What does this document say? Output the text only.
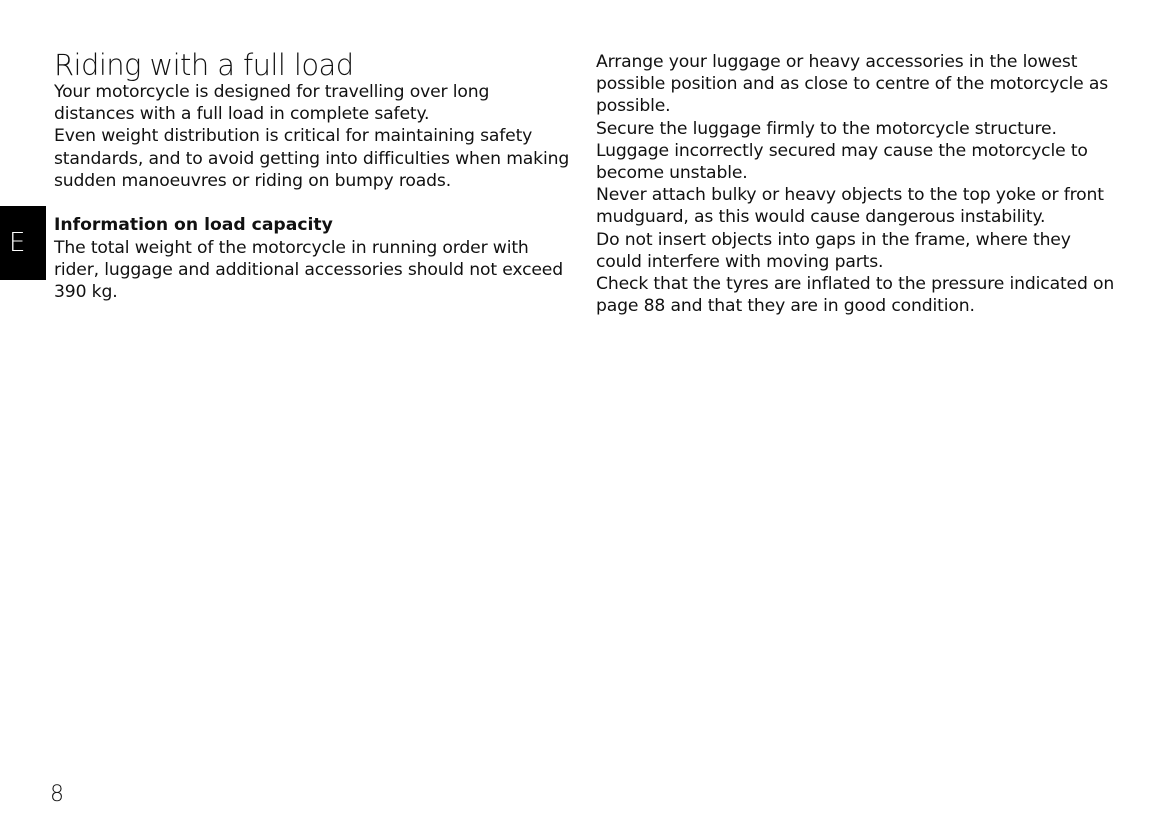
E
Riding with a full load

Your motorcycle is designed for travelling over long
distances with a full load in complete safety.
Even weight distribution is critical for maintaining safety
standards, and to avoid getting into difficulties when making
sudden manoeuvres or riding on bumpy roads.

Information on load capacity

The total weight of the motorcycle in running order with
rider, luggage and additional accessories should not exceed
390 kg.

Arrange your luggage or heavy accessories in the lowest
possible position and as close to centre of the motorcycle as
possible.
Secure the luggage firmly to the motorcycle structure.
Luggage incorrectly secured may cause the motorcycle to
become unstable.
Never attach bulky or heavy objects to the top yoke or front
mudguard, as this would cause dangerous instability.
Do not insert objects into gaps in the frame, where they
could interfere with moving parts.
Check that the tyres are inflated to the pressure indicated on
page 88 and that they are in good condition.

8
